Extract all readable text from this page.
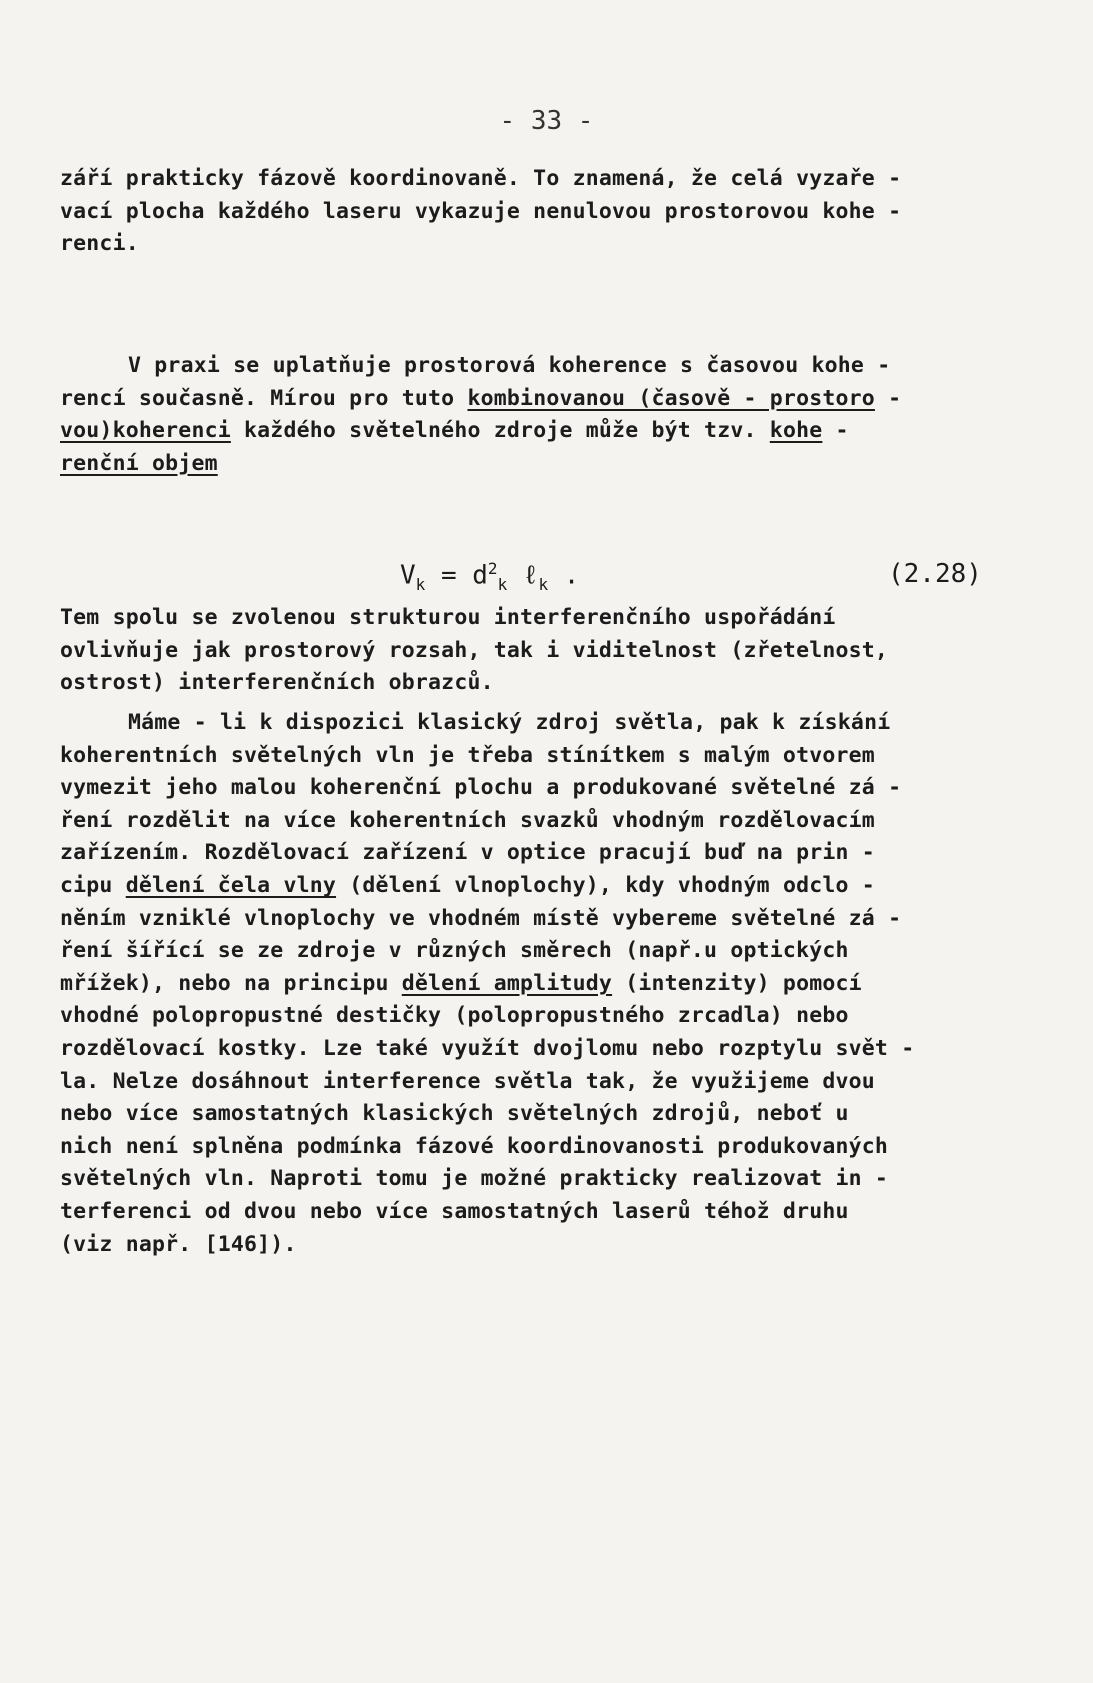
- 33 -
září prakticky fázově koordinovaně. To znamená, že celá vyzaře -
vací plocha každého laseru vykazuje nenulovou prostorovou kohe -
renci.
V praxi se uplatňuje prostorová koherence s časovou kohe -
rencí současně. Mírou pro tuto kombinovanou (časově - prostoro -
vou)koherenci každého světelného zdroje může být tzv. kohe -
renční objem
$V_k = d^2_k$ ℓ$_k$ .	(2.28)
Tem spolu se zvolenou strukturou interferenčního uspořádání
ovlivňuje jak prostorový rozsah, tak i viditelnost (zřetelnost,
ostrost) interferenčních obrazců.
Máme - li k dispozici klasický zdroj světla, pak k získání
koherentních světelných vln je třeba stínítkem s malým otvorem
vymezit jeho malou koherenční plochu a produkované světelné zá -
ření rozdělit na více koherentních svazků vhodným rozdělovacím
zařízením. Rozdělovací zařízení v optice pracují buď na prin -
cipu dělení čela vlny (dělení vlnoplochy), kdy vhodným odclo -
něním vzniklé vlnoplochy ve vhodném místě vybereme světelné zá -
ření šířící se ze zdroje v různých směrech (např.u optických
mřížek), nebo na principu dělení amplitudy (intenzity) pomocí
vhodné polopropustné destičky (polopropustného zrcadla) nebo
rozdělovací kostky. Lze také využít dvojlomu nebo rozptylu svět -
la. Nelze dosáhnout interference světla tak, že využijeme dvou
nebo více samostatných klasických světelných zdrojů, neboť u
nich není splněna podmínka fázové koordinovanosti produkovaných
světelných vln. Naproti tomu je možné prakticky realizovat in -
terferenci od dvou nebo více samostatných laserů téhož druhu
(viz např. [146]).
